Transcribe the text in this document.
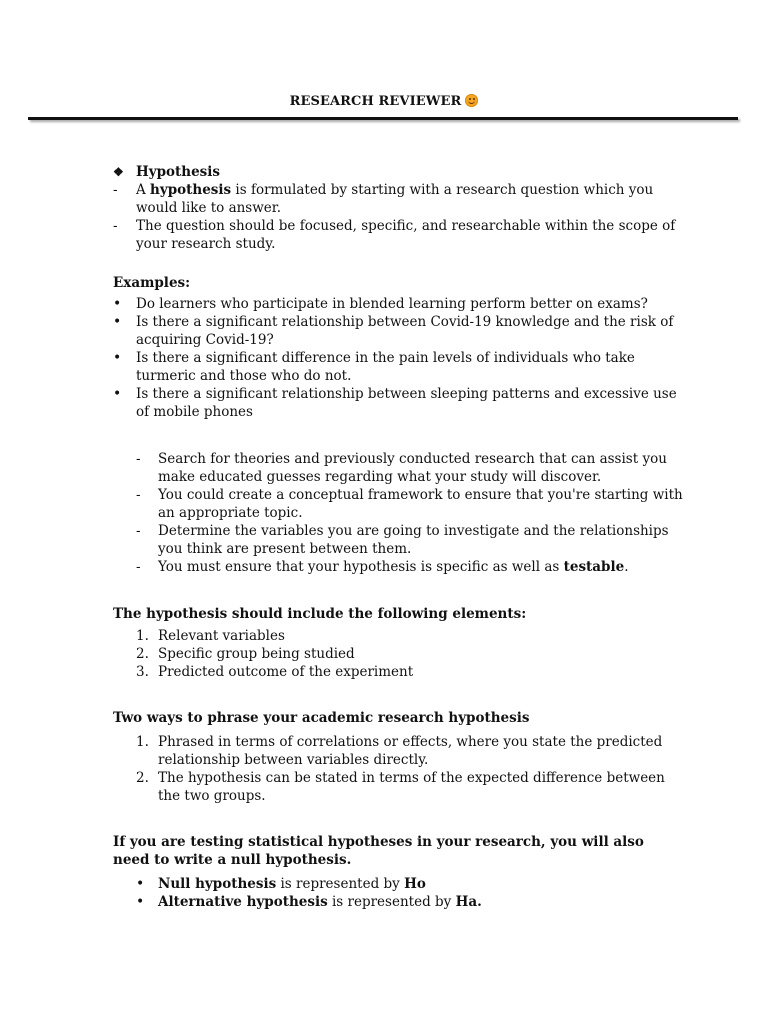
RESEARCH REVIEWER
❖ Hypothesis
- A hypothesis is formulated by starting with a research question which you would like to answer.
- The question should be focused, specific, and researchable within the scope of your research study.
Examples:
• Do learners who participate in blended learning perform better on exams?
• Is there a significant relationship between Covid-19 knowledge and the risk of acquiring Covid-19?
• Is there a significant difference in the pain levels of individuals who take turmeric and those who do not.
• Is there a significant relationship between sleeping patterns and excessive use of mobile phones
- Search for theories and previously conducted research that can assist you make educated guesses regarding what your study will discover.
- You could create a conceptual framework to ensure that you're starting with an appropriate topic.
- Determine the variables you are going to investigate and the relationships you think are present between them.
- You must ensure that your hypothesis is specific as well as testable.
The hypothesis should include the following elements:
1. Relevant variables
2. Specific group being studied
3. Predicted outcome of the experiment
Two ways to phrase your academic research hypothesis
1. Phrased in terms of correlations or effects, where you state the predicted relationship between variables directly.
2. The hypothesis can be stated in terms of the expected difference between the two groups.
If you are testing statistical hypotheses in your research, you will also need to write a null hypothesis.
• Null hypothesis is represented by Ho
• Alternative hypothesis is represented by Ha.
